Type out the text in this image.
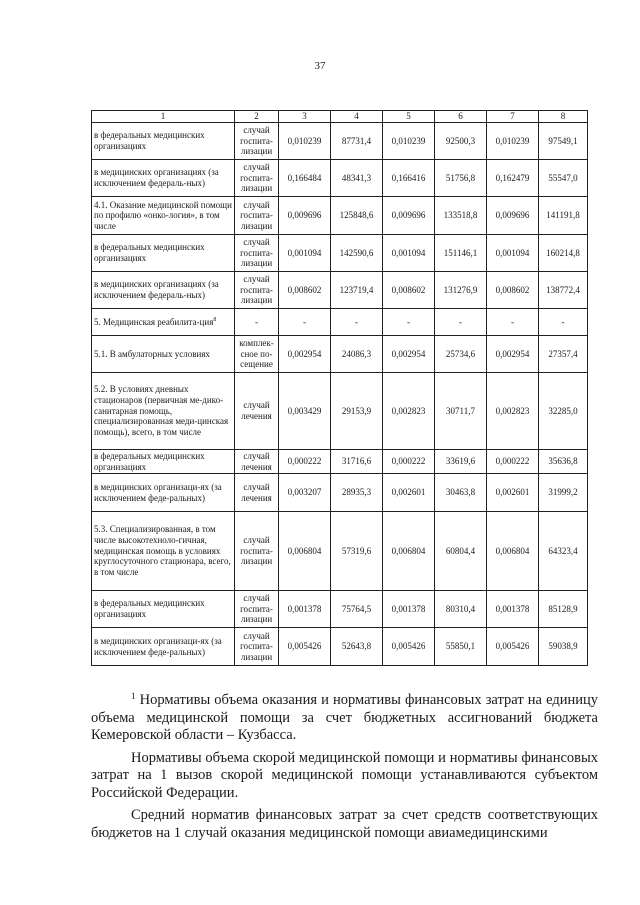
37
1	2	3	4	5	6	7	8
в федеральных медицинских организациях	случай госпита-лизации	0,010239	87731,4	0,010239	92500,3	0,010239	97549,1
в медицинских организациях (за исключением федераль-ных)	случай госпита-лизации	0,166484	48341,3	0,166416	51756,8	0,162479	55547,0
4.1. Оказание медицинской помощи по профилю «онко-логия», в том числе	случай госпита-лизации	0,009696	125848,6	0,009696	133518,8	0,009696	141191,8
в федеральных медицинских организациях	случай госпита-лизации	0,001094	142590,6	0,001094	151146,1	0,001094	160214,8
в медицинских организациях (за исключением федераль-ных)	случай госпита-лизации	0,008602	123719,4	0,008602	131276,9	0,008602	138772,4
5. Медицинская реабилита-ция$^8$	-	-	-	-	-	-	-
5.1. В амбулаторных условиях	комплек-сное по-сещение	0,002954	24086,3	0,002954	25734,6	0,002954	27357,4
5.2. В условиях дневных стационаров (первичная ме-дико-санитарная помощь, специализированная меди-цинская помощь), всего, в том числе	случай лечения	0,003429	29153,9	0,002823	30711,7	0,002823	32285,0
в федеральных медицинских организациях	случай лечения	0,000222	31716,6	0,000222	33619,6	0,000222	35636,8
в медицинских организаци-ях (за исключением феде-ральных)	случай лечения	0,003207	28935,3	0,002601	30463,8	0,002601	31999,2
5.3. Специализированная, в том числе высокотехноло-гичная, медицинская помощь в условиях круглосуточного стационара, всего, в том числе	случай госпита-лизации	0,006804	57319,6	0,006804	60804,4	0,006804	64323,4
в федеральных медицинских организациях	случай госпита-лизации	0,001378	75764,5	0,001378	80310,4	0,001378	85128,9
в медицинских организаци-ях (за исключением феде-ральных)	случай госпита-лизации	0,005426	52643,8	0,005426	55850,1	0,005426	59038,9

$^1$ Нормативы объема оказания и нормативы финансовых затрат на единицу объема медицинской помощи за счет бюджетных ассигнований бюджета Кемеровской области – Кузбасса.

Нормативы объема скорой медицинской помощи и нормативы финансовых затрат на 1 вызов скорой медицинской помощи устанавливаются субъектом Российской Федерации.

Средний норматив финансовых затрат за счет средств соответствующих бюджетов на 1 случай оказания медицинской помощи авиамедицинскими
